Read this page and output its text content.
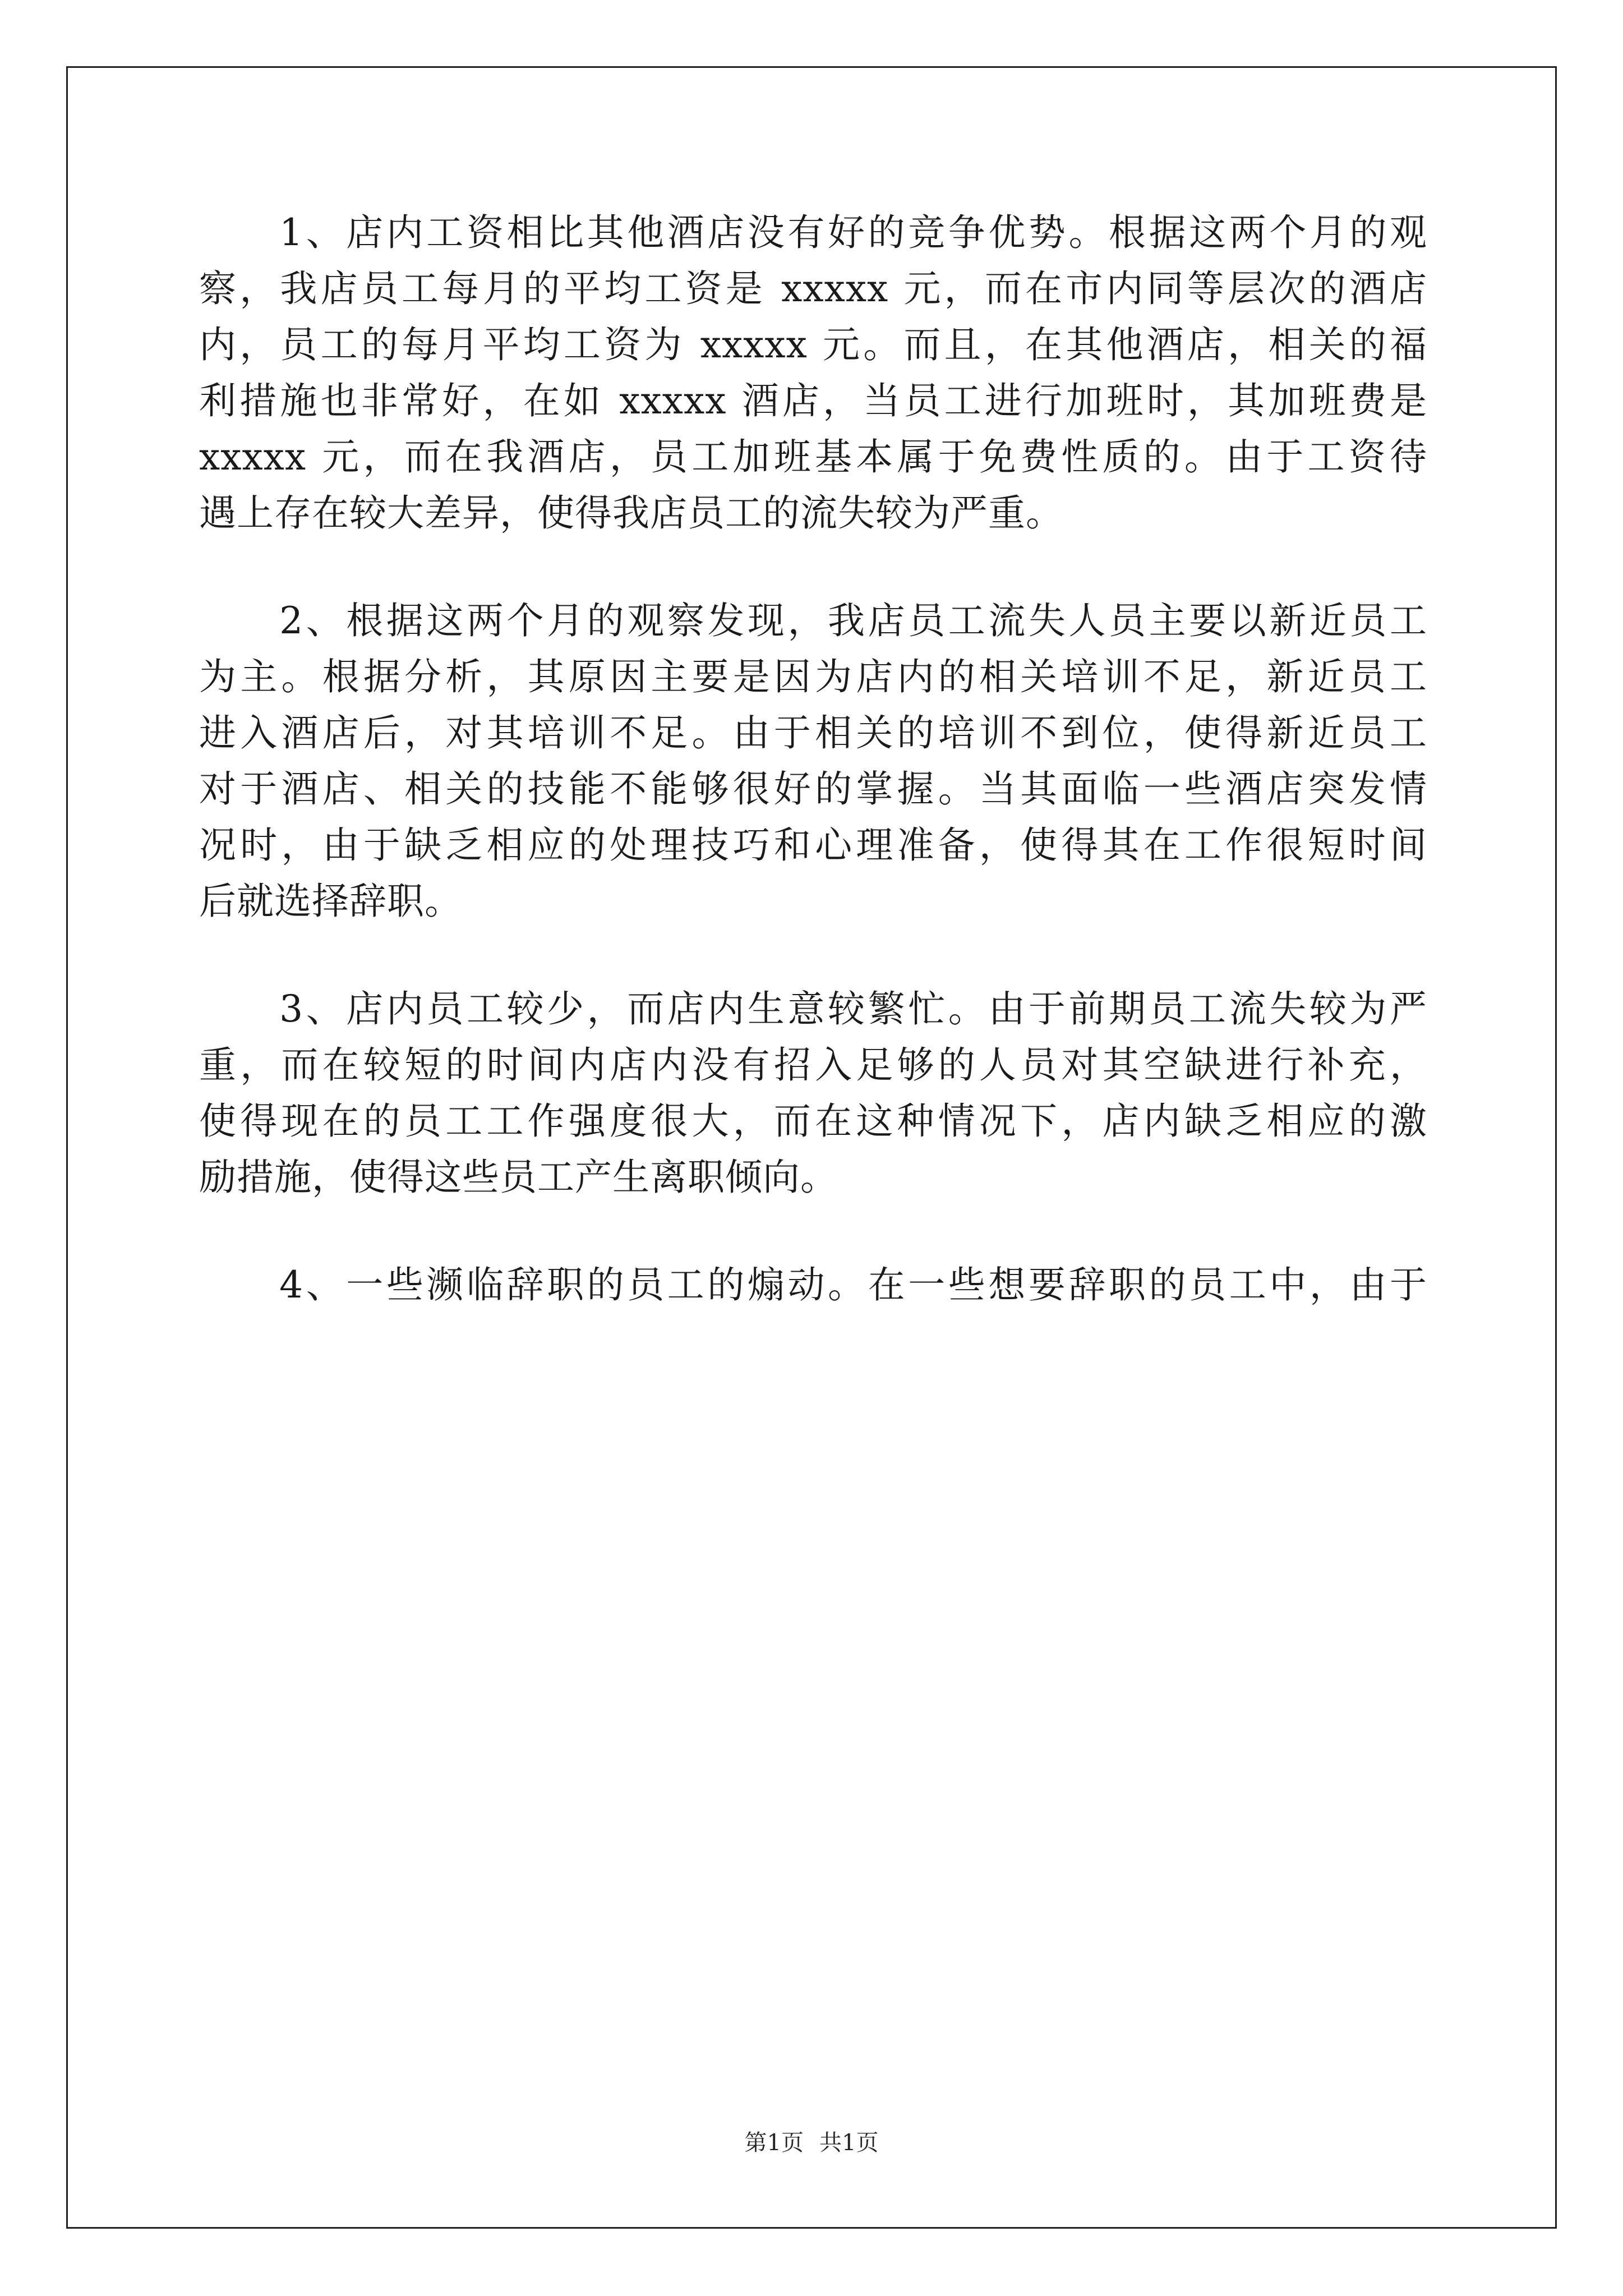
　　1、店内工资相比其他酒店没有好的竞争优势。根据这两个月的观
察，我店员工每月的平均工资是 xxxxx 元，而在市内同等层次的酒店
内，员工的每月平均工资为 xxxxx 元。而且，在其他酒店，相关的福
利措施也非常好，在如 xxxxx 酒店，当员工进行加班时，其加班费是
xxxxx 元，而在我酒店，员工加班基本属于免费性质的。由于工资待
遇上存在较大差异，使得我店员工的流失较为严重。
　　2、根据这两个月的观察发现，我店员工流失人员主要以新近员工
为主。根据分析，其原因主要是因为店内的相关培训不足，新近员工
进入酒店后，对其培训不足。由于相关的培训不到位，使得新近员工
对于酒店、相关的技能不能够很好的掌握。当其面临一些酒店突发情
况时，由于缺乏相应的处理技巧和心理准备，使得其在工作很短时间
后就选择辞职。
　　3、店内员工较少，而店内生意较繁忙。由于前期员工流失较为严
重，而在较短的时间内店内没有招入足够的人员对其空缺进行补充，
使得现在的员工工作强度很大，而在这种情况下，店内缺乏相应的激
励措施，使得这些员工产生离职倾向。
　　4、一些濒临辞职的员工的煽动。在一些想要辞职的员工中，由于
第1页 共1页
